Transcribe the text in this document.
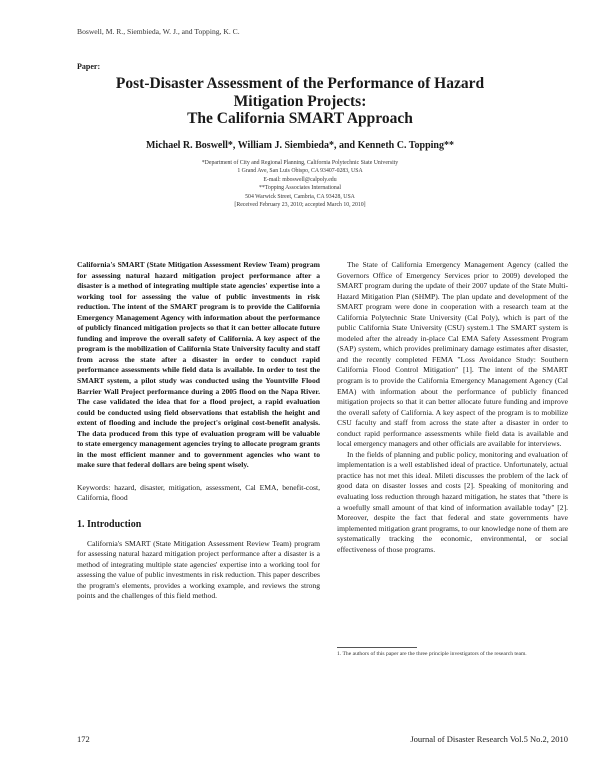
Boswell, M. R., Siembieda, W. J., and Topping, K. C.
Paper:
Post-Disaster Assessment of the Performance of Hazard
Mitigation Projects:
The California SMART Approach
Michael R. Boswell*, William J. Siembieda*, and Kenneth C. Topping**
*Department of City and Regional Planning, California Polytechnic State University
1 Grand Ave, San Luis Obispo, CA 93407-0283, USA
E-mail: mboswell@calpoly.edu
**Topping Associates International
504 Warwick Street, Cambria, CA 93428, USA
[Received February 23, 2010; accepted March 10, 2010]

California's SMART (State Mitigation Assessment Review Team) program for assessing natural hazard mitigation project performance after a disaster is a method of integrating multiple state agencies' expertise into a working tool for assessing the value of public investments in risk reduction. The intent of the SMART program is to provide the California Emergency Management Agency with information about the performance of publicly financed mitigation projects so that it can better allocate future funding and improve the overall safety of California. A key aspect of the program is the mobilization of California State University faculty and staff from across the state after a disaster in order to conduct rapid performance assessments while field data is available. In order to test the SMART system, a pilot study was conducted using the Yountville Flood Barrier Wall Project performance during a 2005 flood on the Napa River. The case validated the idea that for a flood project, a rapid evaluation could be conducted using field observations that establish the height and extent of flooding and include the project's original cost-benefit analysis. The data produced from this type of evaluation program will be valuable to state emergency management agencies trying to allocate program grants in the most efficient manner and to government agencies who want to make sure that federal dollars are being spent wisely.

Keywords: hazard, disaster, mitigation, assessment, Cal EMA, benefit-cost, California, flood

1. Introduction

California's SMART (State Mitigation Assessment Review Team) program for assessing natural hazard mitigation project performance after a disaster is a method of integrating multiple state agencies' expertise into a working tool for assessing the value of public investments in risk reduction. This paper describes the program's elements, provides a working example, and reviews the strong points and the challenges of this field method.

The State of California Emergency Management Agency (called the Governors Office of Emergency Services prior to 2009) developed the SMART program during the update of their 2007 update of the State Multi-Hazard Mitigation Plan (SHMP). The plan update and development of the SMART program were done in cooperation with a research team at the California Polytechnic State University (Cal Poly), which is part of the public California State University (CSU) system.1 The SMART system is modeled after the already in-place Cal EMA Safety Assessment Program (SAP) system, which provides preliminary damage estimates after disaster, and the recently completed FEMA "Loss Avoidance Study: Southern California Flood Control Mitigation" [1]. The intent of the SMART program is to provide the California Emergency Management Agency (Cal EMA) with information about the performance of publicly financed mitigation projects so that it can better allocate future funding and improve the overall safety of California. A key aspect of the program is to mobilize CSU faculty and staff from across the state after a disaster in order to conduct rapid performance assessments while field data is available and local emergency managers and other officials are available for interviews.

In the fields of planning and public policy, monitoring and evaluation of implementation is a well established ideal of practice. Unfortunately, actual practice has not met this ideal. Mileti discusses the problem of the lack of good data on disaster losses and costs [2]. Speaking of monitoring and evaluating loss reduction through hazard mitigation, he states that "there is a woefully small amount of that kind of information available today" [2]. Moreover, despite the fact that federal and state governments have implemented mitigation grant programs, to our knowledge none of them are systematically tracking the economic, environmental, or social effectiveness of those programs.

1. The authors of this paper are the three principle investigators of the research team.
172	Journal of Disaster Research Vol.5 No.2, 2010
